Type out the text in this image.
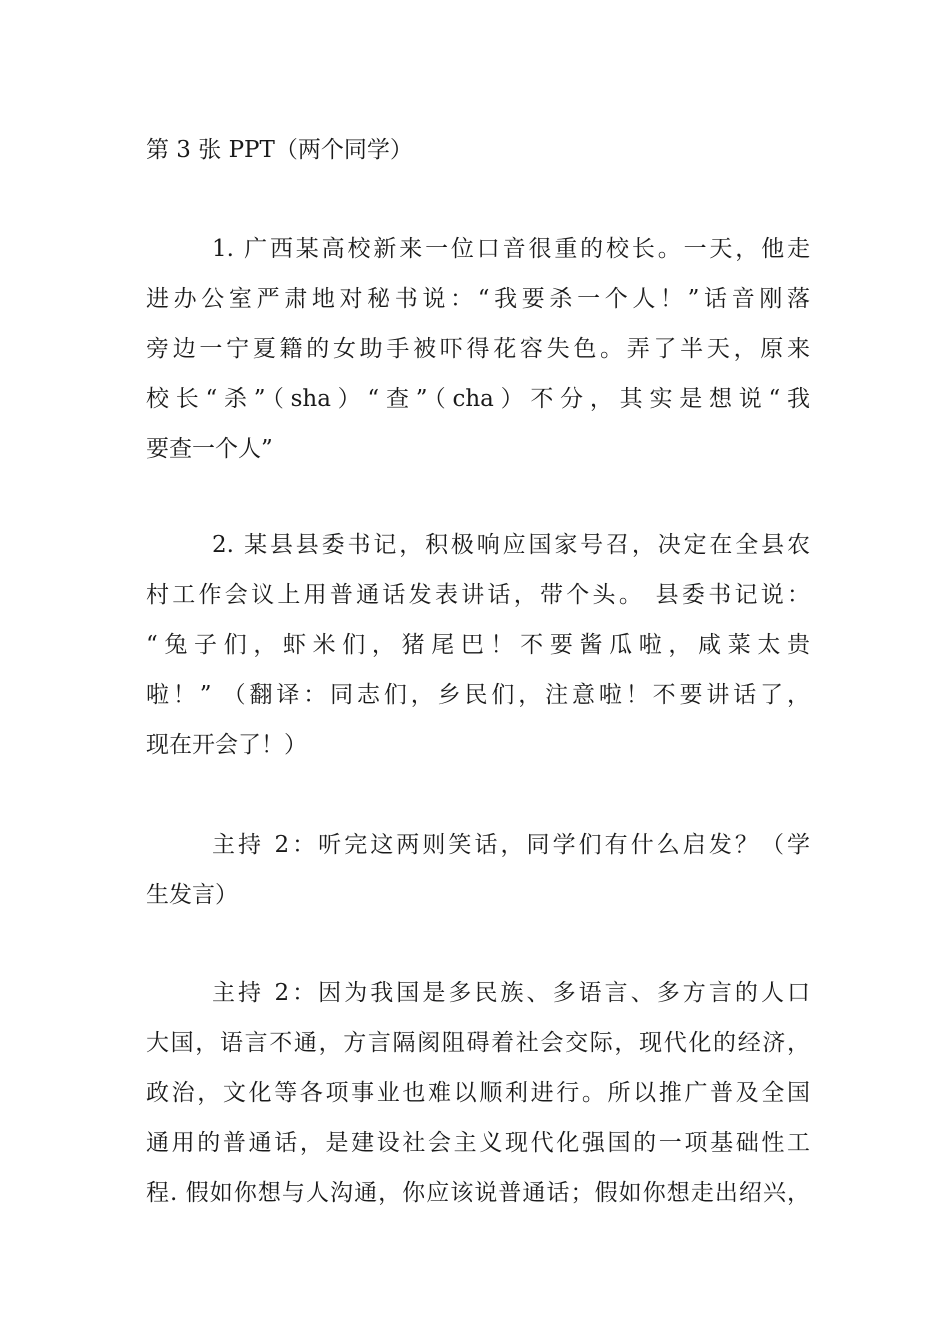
第 3 张 PPT（两个同学）
1. 广西某高校新来一位口音很重的校长。一天，他走
进办公室严肃地对秘书说：“我要杀一个人！”话音刚落
旁边一宁夏籍的女助手被吓得花容失色。弄了半天，原来
校长“杀”（sha）“查”（cha）不分，其实是想说“我
要查一个人”
2. 某县县委书记，积极响应国家号召，决定在全县农
村工作会议上用普通话发表讲话，带个头。 县委书记说：
“兔子们，虾米们，猪尾巴！不要酱瓜啦，咸菜太贵
啦！” （翻译：同志们，乡民们，注意啦！不要讲话了，
现在开会了！）
主持 2：听完这两则笑话，同学们有什么启发？（学
生发言）
主持 2：因为我国是多民族、多语言、多方言的人口
大国，语言不通，方言隔阂阻碍着社会交际，现代化的经济，
政治，文化等各项事业也难以顺利进行。所以推广普及全国
通用的普通话，是建设社会主义现代化强国的一项基础性工
程. 假如你想与人沟通，你应该说普通话；假如你想走出绍兴，
